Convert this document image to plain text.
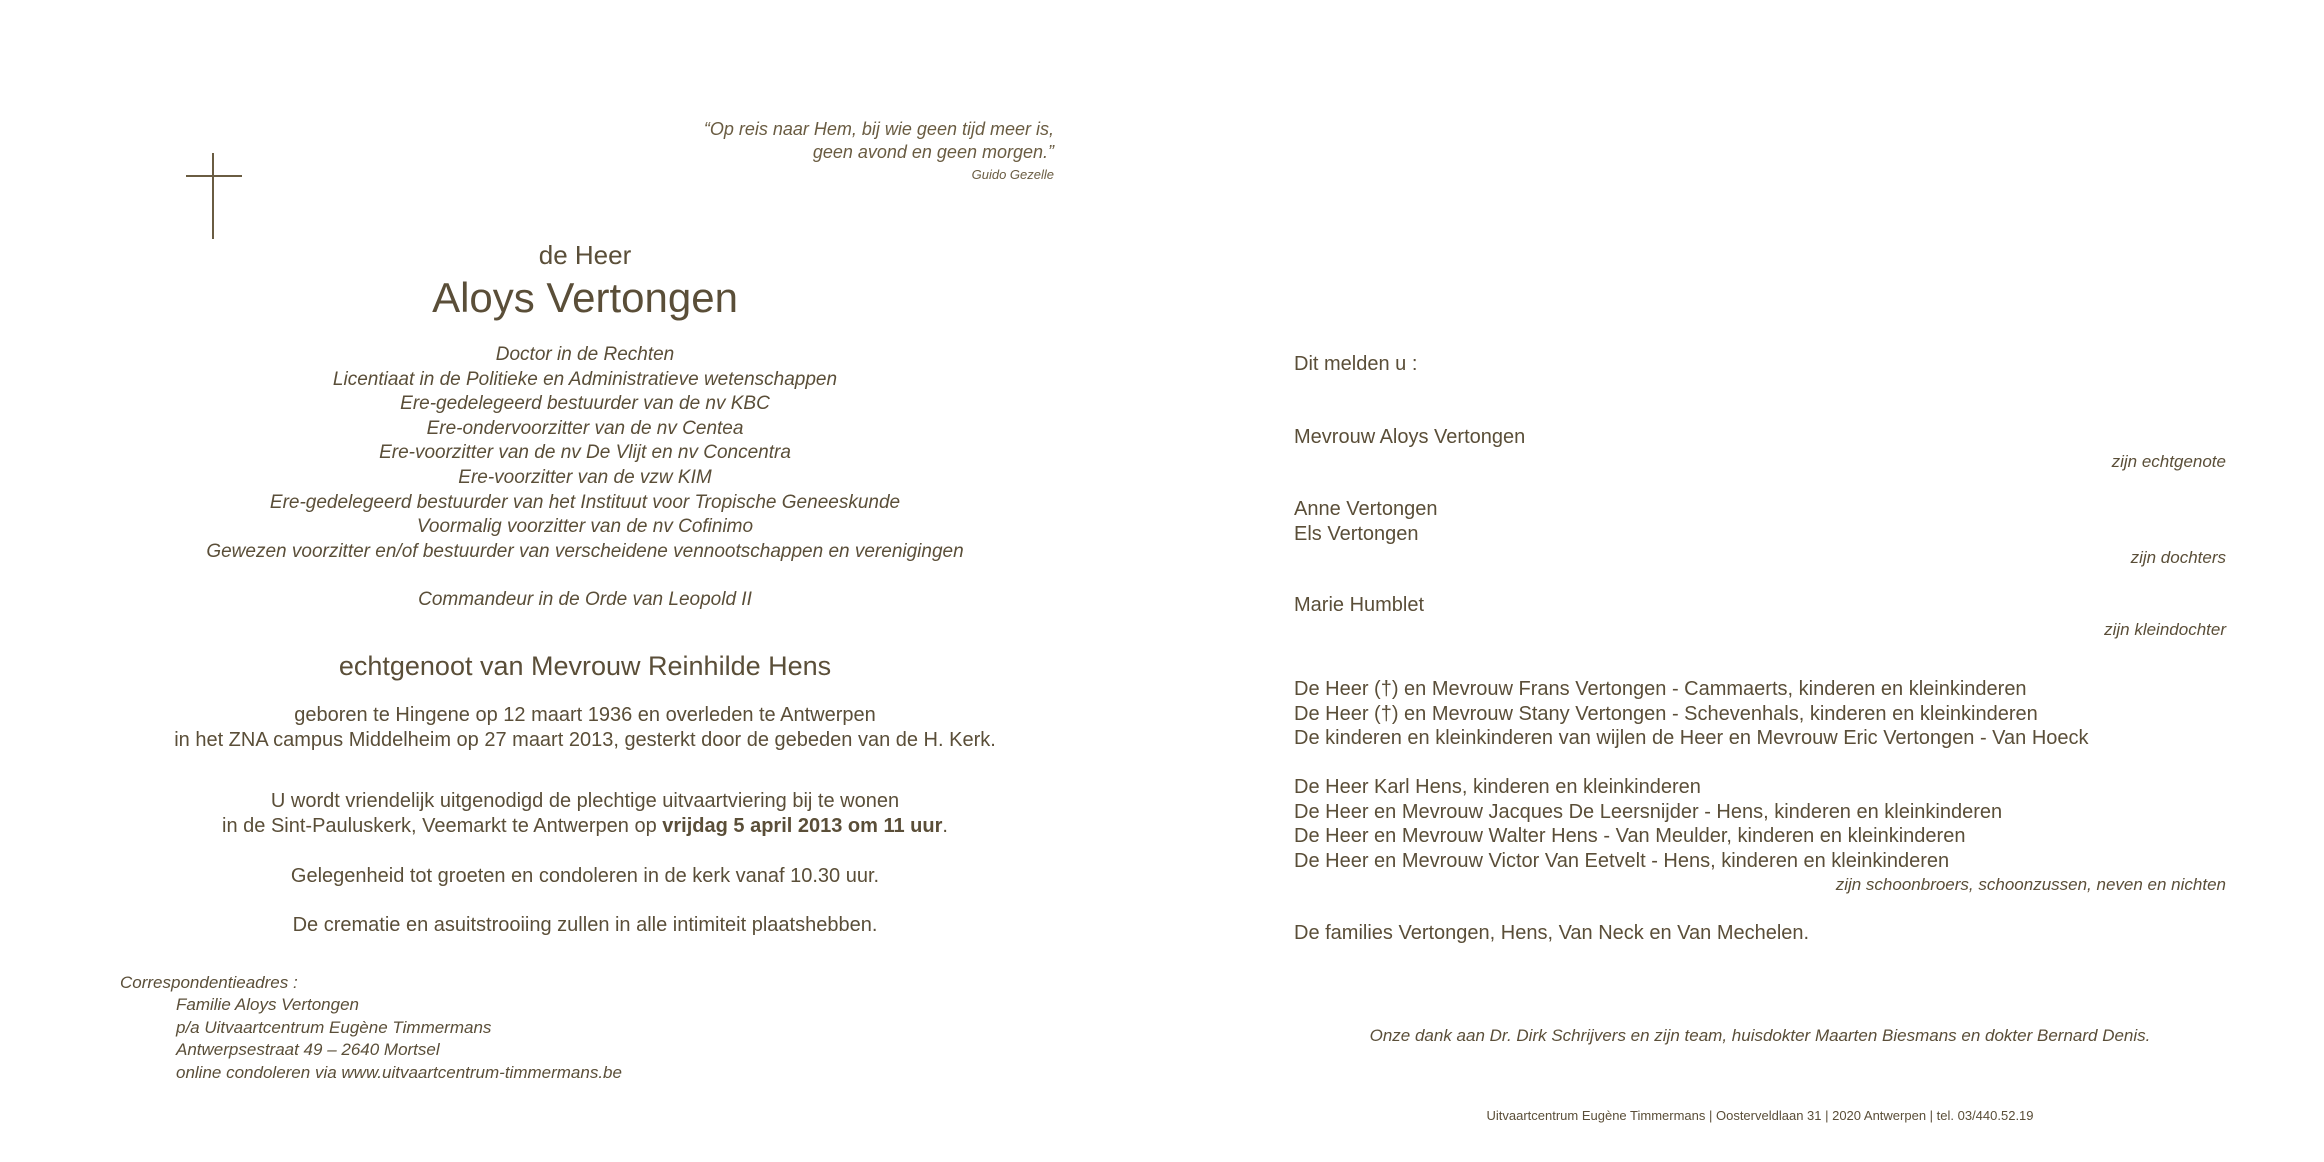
“Op reis naar Hem, bij wie geen tijd meer is,
geen avond en geen morgen.”
Guido Gezelle
de Heer
Aloys Vertongen
Doctor in de Rechten
Licentiaat in de Politieke en Administratieve wetenschappen
Ere-gedelegeerd bestuurder van de nv KBC
Ere-ondervoorzitter van de nv Centea
Ere-voorzitter van de nv De Vlijt en nv Concentra
Ere-voorzitter van de vzw KIM
Ere-gedelegeerd bestuurder van het Instituut voor Tropische Geneeskunde
Voormalig voorzitter van de nv Cofinimo
Gewezen voorzitter en/of bestuurder van verscheidene vennootschappen en verenigingen
Commandeur in de Orde van Leopold II
echtgenoot van Mevrouw Reinhilde Hens
geboren te Hingene op 12 maart 1936 en overleden te Antwerpen
in het ZNA campus Middelheim op 27 maart 2013, gesterkt door de gebeden van de H. Kerk.
U wordt vriendelijk uitgenodigd de plechtige uitvaartviering bij te wonen
in de Sint-Pauluskerk, Veemarkt te Antwerpen op vrijdag 5 april 2013 om 11 uur.
Gelegenheid tot groeten en condoleren in de kerk vanaf 10.30 uur.
De crematie en asuitstrooiing zullen in alle intimiteit plaatshebben.
Correspondentieadres :
Familie Aloys Vertongen
p/a Uitvaartcentrum Eugène Timmermans
Antwerpsestraat 49 – 2640 Mortsel
online condoleren via www.uitvaartcentrum-timmermans.be
Dit melden u :
Mevrouw Aloys Vertongen
zijn echtgenote
Anne Vertongen
Els Vertongen
zijn dochters
Marie Humblet
zijn kleindochter
De Heer (†) en Mevrouw Frans Vertongen - Cammaerts, kinderen en kleinkinderen
De Heer (†) en Mevrouw Stany Vertongen - Schevenhals, kinderen en kleinkinderen
De kinderen en kleinkinderen van wijlen de Heer en Mevrouw Eric Vertongen - Van Hoeck
De Heer Karl Hens, kinderen en kleinkinderen
De Heer en Mevrouw Jacques De Leersnijder - Hens, kinderen en kleinkinderen
De Heer en Mevrouw Walter Hens - Van Meulder, kinderen en kleinkinderen
De Heer en Mevrouw Victor Van Eetvelt - Hens, kinderen en kleinkinderen
zijn schoonbroers, schoonzussen, neven en nichten
De families Vertongen, Hens, Van Neck en Van Mechelen.
Onze dank aan Dr. Dirk Schrijvers en zijn team, huisdokter Maarten Biesmans en dokter Bernard Denis.
Uitvaartcentrum Eugène Timmermans | Oosterveldlaan 31 | 2020 Antwerpen | tel. 03/440.52.19
